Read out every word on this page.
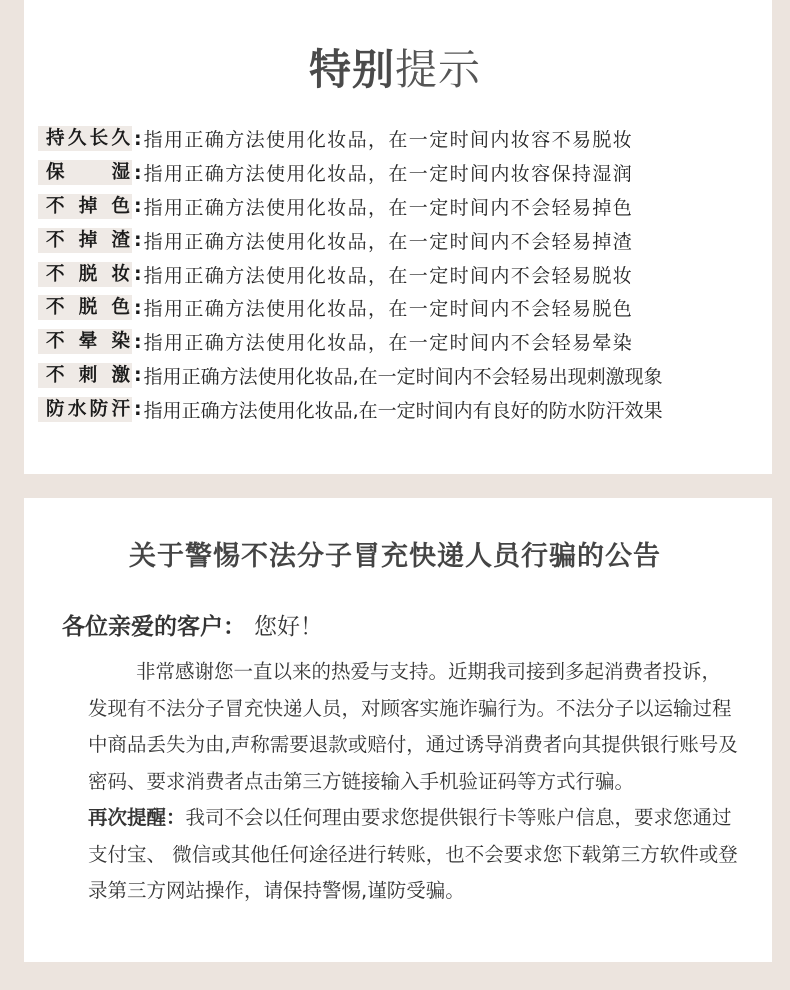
特别提示
持久长久 : 指用正确方法使用化妆品，在一定时间内妆容不易脱妆
保湿 : 指用正确方法使用化妆品，在一定时间内妆容保持湿润
不掉色 : 指用正确方法使用化妆品，在一定时间内不会轻易掉色
不掉渣 : 指用正确方法使用化妆品，在一定时间内不会轻易掉渣
不脱妆 : 指用正确方法使用化妆品，在一定时间内不会轻易脱妆
不脱色 : 指用正确方法使用化妆品，在一定时间内不会轻易脱色
不晕染 : 指用正确方法使用化妆品，在一定时间内不会轻易晕染
不刺激 : 指用正确方法使用化妆品,在一定时间内不会轻易出现刺激现象
防水防汗 : 指用正确方法使用化妆品,在一定时间内有良好的防水防汗效果
关于警惕不法分子冒充快递人员行骗的公告
各位亲爱的客户： 您好！

非常感谢您一直以来的热爱与支持。近期我司接到多起消费者投诉，发现有不法分子冒充快递人员，对顾客实施诈骗行为。不法分子以运输过程中商品丢失为由,声称需要退款或赔付，通过诱导消费者向其提供银行账号及密码、要求消费者点击第三方链接输入手机验证码等方式行骗。

再次提醒：我司不会以任何理由要求您提供银行卡等账户信息，要求您通过支付宝、 微信或其他任何途径进行转账，也不会要求您下载第三方软件或登录第三方网站操作，请保持警惕,谨防受骗。
